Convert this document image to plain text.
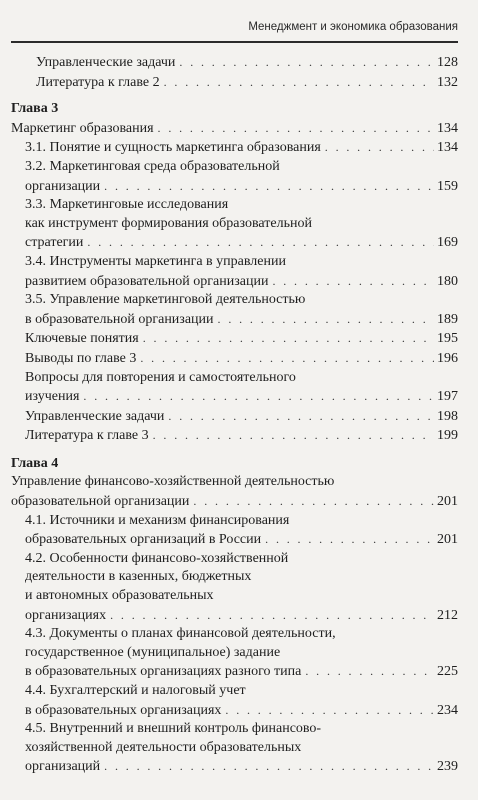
Менеджмент и экономика образования
Управленческие задачи . . .	128
Литература к главе 2 . . .	132
Глава 3
Маркетинг образования . . .	134
3.1. Понятие и сущность маркетинга образования . . .	134
3.2. Маркетинговая среда образовательной
организации . . .	159
3.3. Маркетинговые исследования
как инструмент формирования образовательной
стратегии . . .	169
3.4. Инструменты маркетинга в управлении
развитием образовательной организации . . .	180
3.5. Управление маркетинговой деятельностью
в образовательной организации . . .	189
Ключевые понятия . . .	195
Выводы по главе 3 . . .	196
Вопросы для повторения и самостоятельного
изучения . . .	197
Управленческие задачи . . .	198
Литература к главе 3 . . .	199
Глава 4
Управление финансово-хозяйственной деятельностью
образовательной организации . . .	201
4.1. Источники и механизм финансирования
образовательных организаций в России . . .	201
4.2. Особенности финансово-хозяйственной
деятельности в казенных, бюджетных
и автономных образовательных
организациях . . .	212
4.3. Документы о планах финансовой деятельности,
государственное (муниципальное) задание
в образовательных организациях разного типа . . .	225
4.4. Бухгалтерский и налоговый учет
в образовательных организациях . . .	234
4.5. Внутренний и внешний контроль финансово-
хозяйственной деятельности образовательных
организаций . . .	239
